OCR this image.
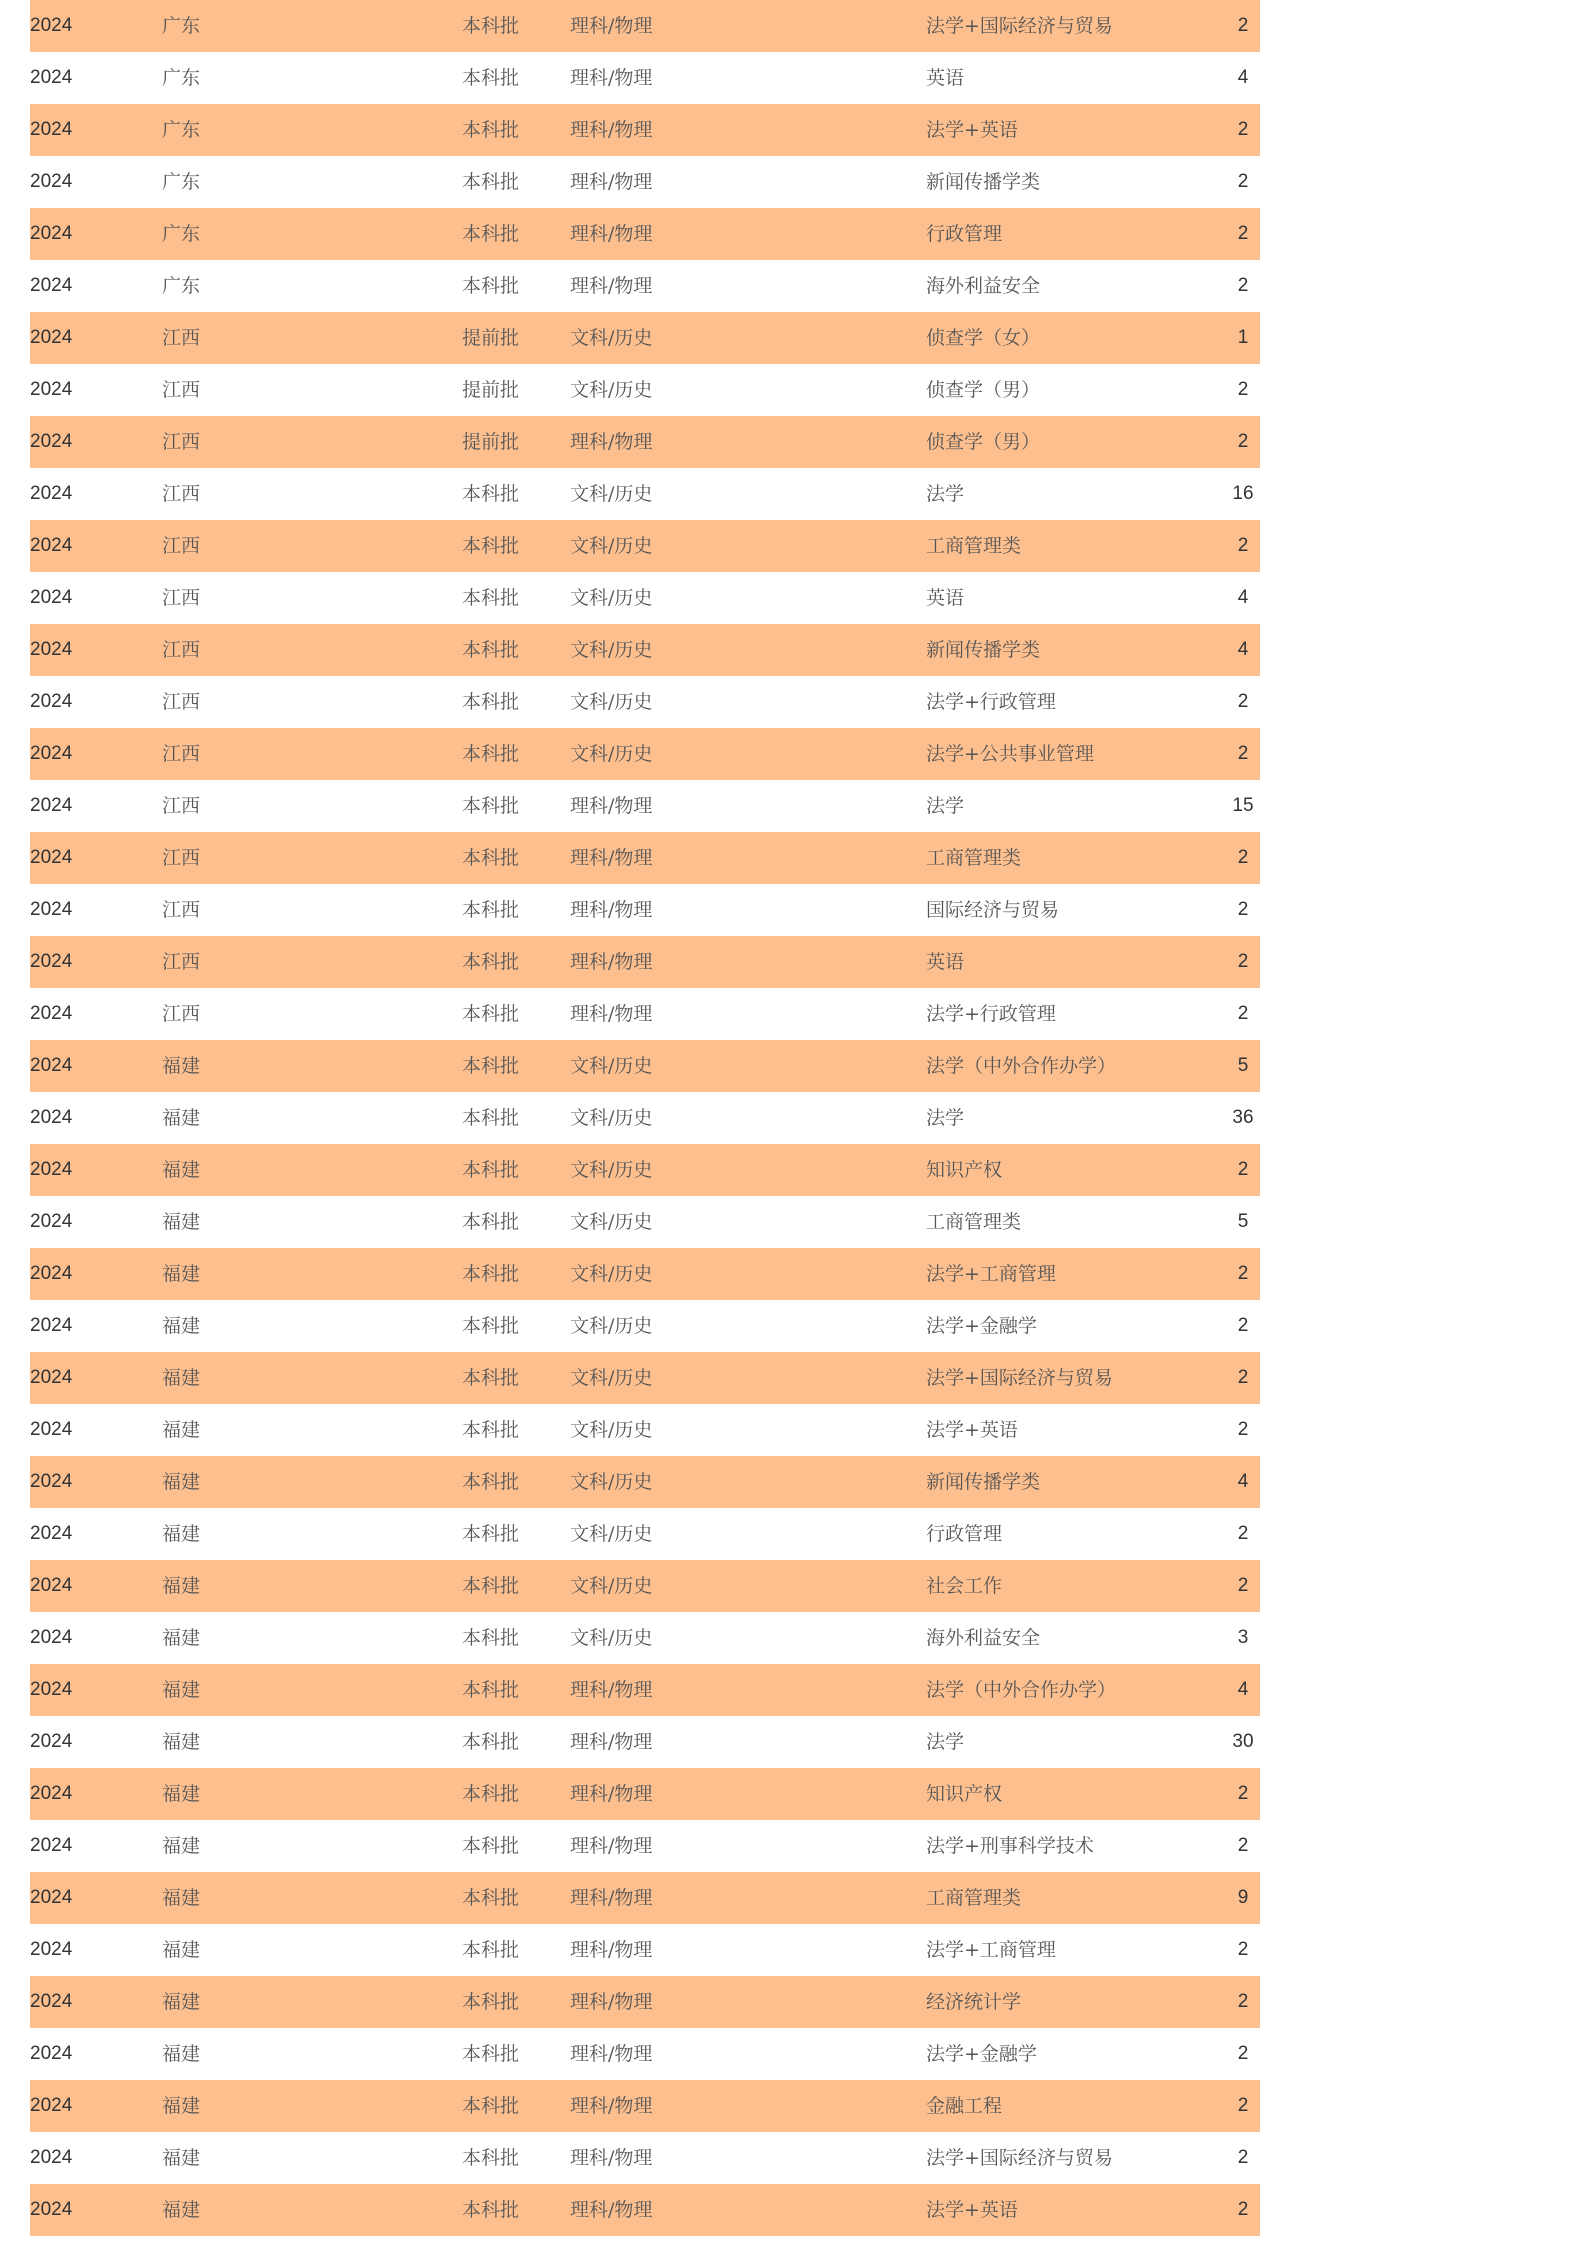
2024	广东	本科批	理科/物理	法学+国际经济与贸易	2
2024	广东	本科批	理科/物理	英语	4
2024	广东	本科批	理科/物理	法学+英语	2
2024	广东	本科批	理科/物理	新闻传播学类	2
2024	广东	本科批	理科/物理	行政管理	2
2024	广东	本科批	理科/物理	海外利益安全	2
2024	江西	提前批	文科/历史	侦查学（女）	1
2024	江西	提前批	文科/历史	侦查学（男）	2
2024	江西	提前批	理科/物理	侦查学（男）	2
2024	江西	本科批	文科/历史	法学	16
2024	江西	本科批	文科/历史	工商管理类	2
2024	江西	本科批	文科/历史	英语	4
2024	江西	本科批	文科/历史	新闻传播学类	4
2024	江西	本科批	文科/历史	法学+行政管理	2
2024	江西	本科批	文科/历史	法学+公共事业管理	2
2024	江西	本科批	理科/物理	法学	15
2024	江西	本科批	理科/物理	工商管理类	2
2024	江西	本科批	理科/物理	国际经济与贸易	2
2024	江西	本科批	理科/物理	英语	2
2024	江西	本科批	理科/物理	法学+行政管理	2
2024	福建	本科批	文科/历史	法学（中外合作办学）	5
2024	福建	本科批	文科/历史	法学	36
2024	福建	本科批	文科/历史	知识产权	2
2024	福建	本科批	文科/历史	工商管理类	5
2024	福建	本科批	文科/历史	法学+工商管理	2
2024	福建	本科批	文科/历史	法学+金融学	2
2024	福建	本科批	文科/历史	法学+国际经济与贸易	2
2024	福建	本科批	文科/历史	法学+英语	2
2024	福建	本科批	文科/历史	新闻传播学类	4
2024	福建	本科批	文科/历史	行政管理	2
2024	福建	本科批	文科/历史	社会工作	2
2024	福建	本科批	文科/历史	海外利益安全	3
2024	福建	本科批	理科/物理	法学（中外合作办学）	4
2024	福建	本科批	理科/物理	法学	30
2024	福建	本科批	理科/物理	知识产权	2
2024	福建	本科批	理科/物理	法学+刑事科学技术	2
2024	福建	本科批	理科/物理	工商管理类	9
2024	福建	本科批	理科/物理	法学+工商管理	2
2024	福建	本科批	理科/物理	经济统计学	2
2024	福建	本科批	理科/物理	法学+金融学	2
2024	福建	本科批	理科/物理	金融工程	2
2024	福建	本科批	理科/物理	法学+国际经济与贸易	2
2024	福建	本科批	理科/物理	法学+英语	2
